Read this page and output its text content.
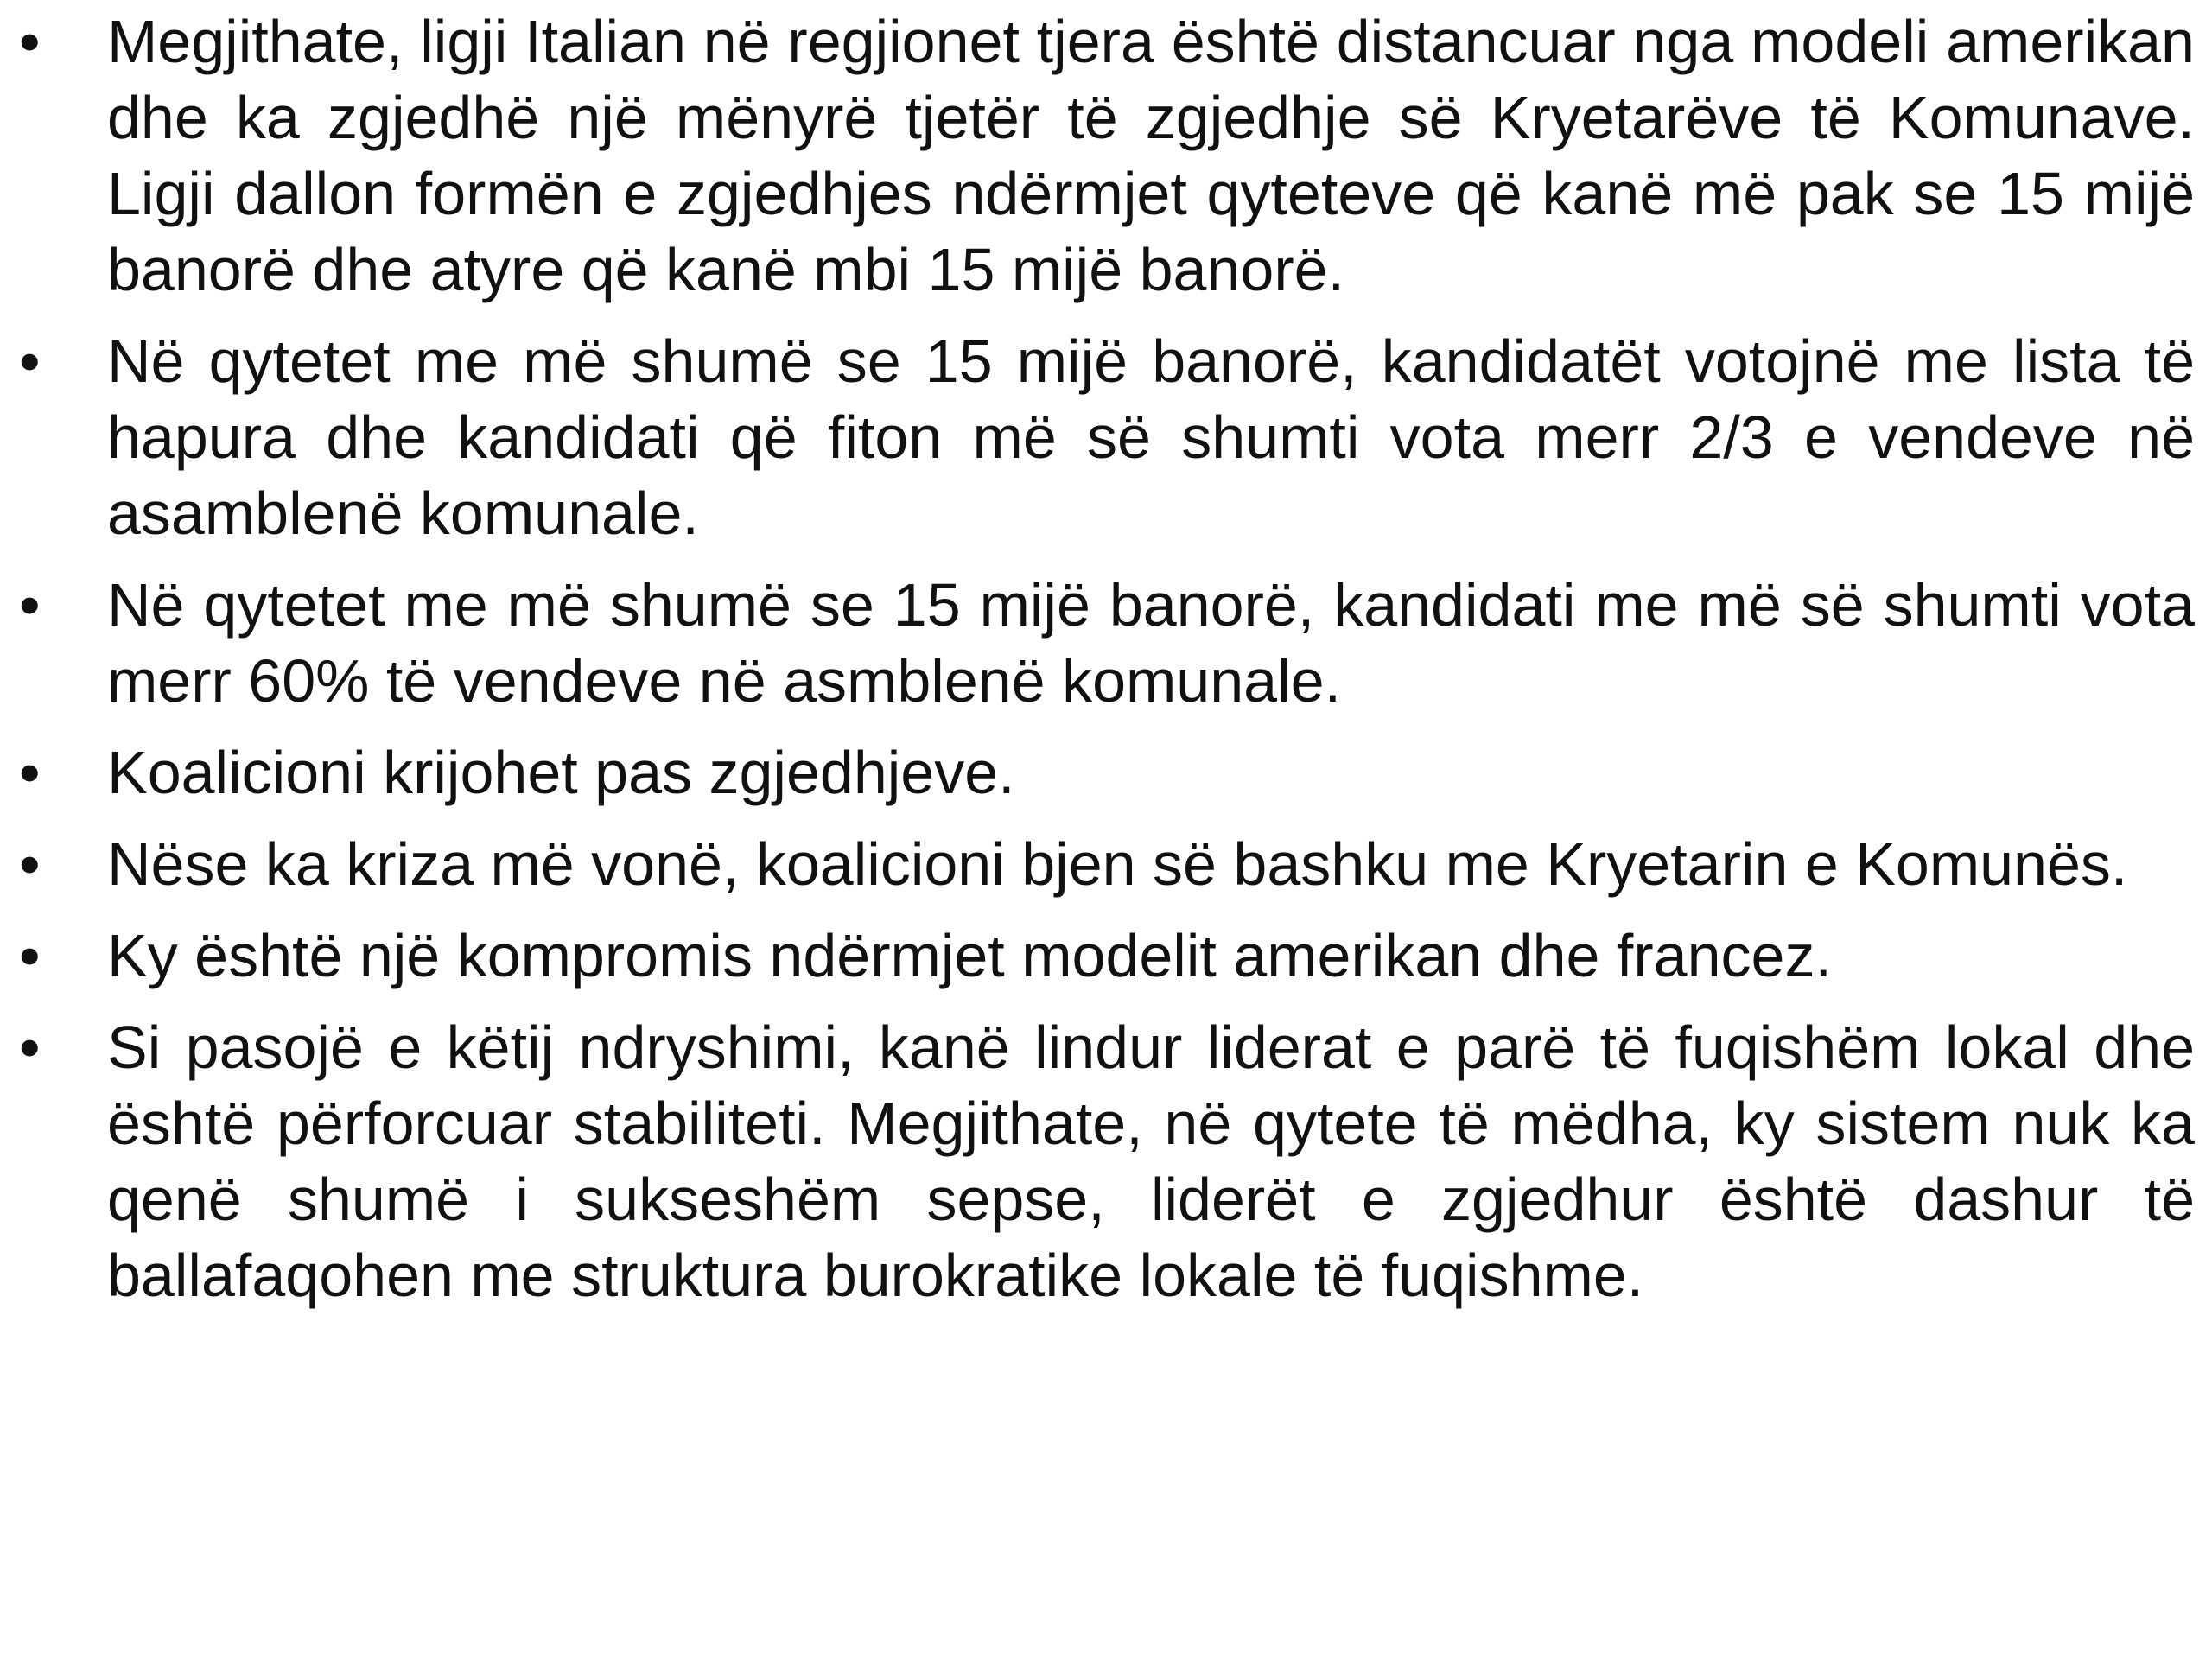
•	Megjithate, ligji Italian në regjionet tjera është distancuar nga modeli amerikan dhe ka zgjedhë një mënyrë tjetër të zgjedhje së Kryetarëve të Komunave. Ligji dallon formën e zgjedhjes ndërmjet qyteteve që kanë më pak se 15 mijë banorë dhe atyre që kanë mbi 15 mijë banorë.
•	Në qytetet me më shumë se 15 mijë banorë, kandidatët votojnë me lista të hapura dhe kandidati që fiton më së shumti vota merr 2/3 e vendeve në asamblenë komunale.
•	Në qytetet me më shumë se 15 mijë banorë, kandidati me më së shumti vota merr 60% të vendeve në asmblenë komunale.
•	Koalicioni krijohet pas zgjedhjeve.
•	Nëse ka kriza më vonë, koalicioni bjen së bashku me Kryetarin e Komunës.
•	Ky është një kompromis ndërmjet modelit amerikan dhe francez.
•	Si pasojë e këtij ndryshimi, kanë lindur liderat e parë të fuqishëm lokal dhe është përforcuar stabiliteti. Megjithate, në qytete të mëdha, ky sistem nuk ka qenë shumë i sukseshëm sepse, liderët e zgjedhur është dashur të ballafaqohen me struktura burokratike lokale të fuqishme.
